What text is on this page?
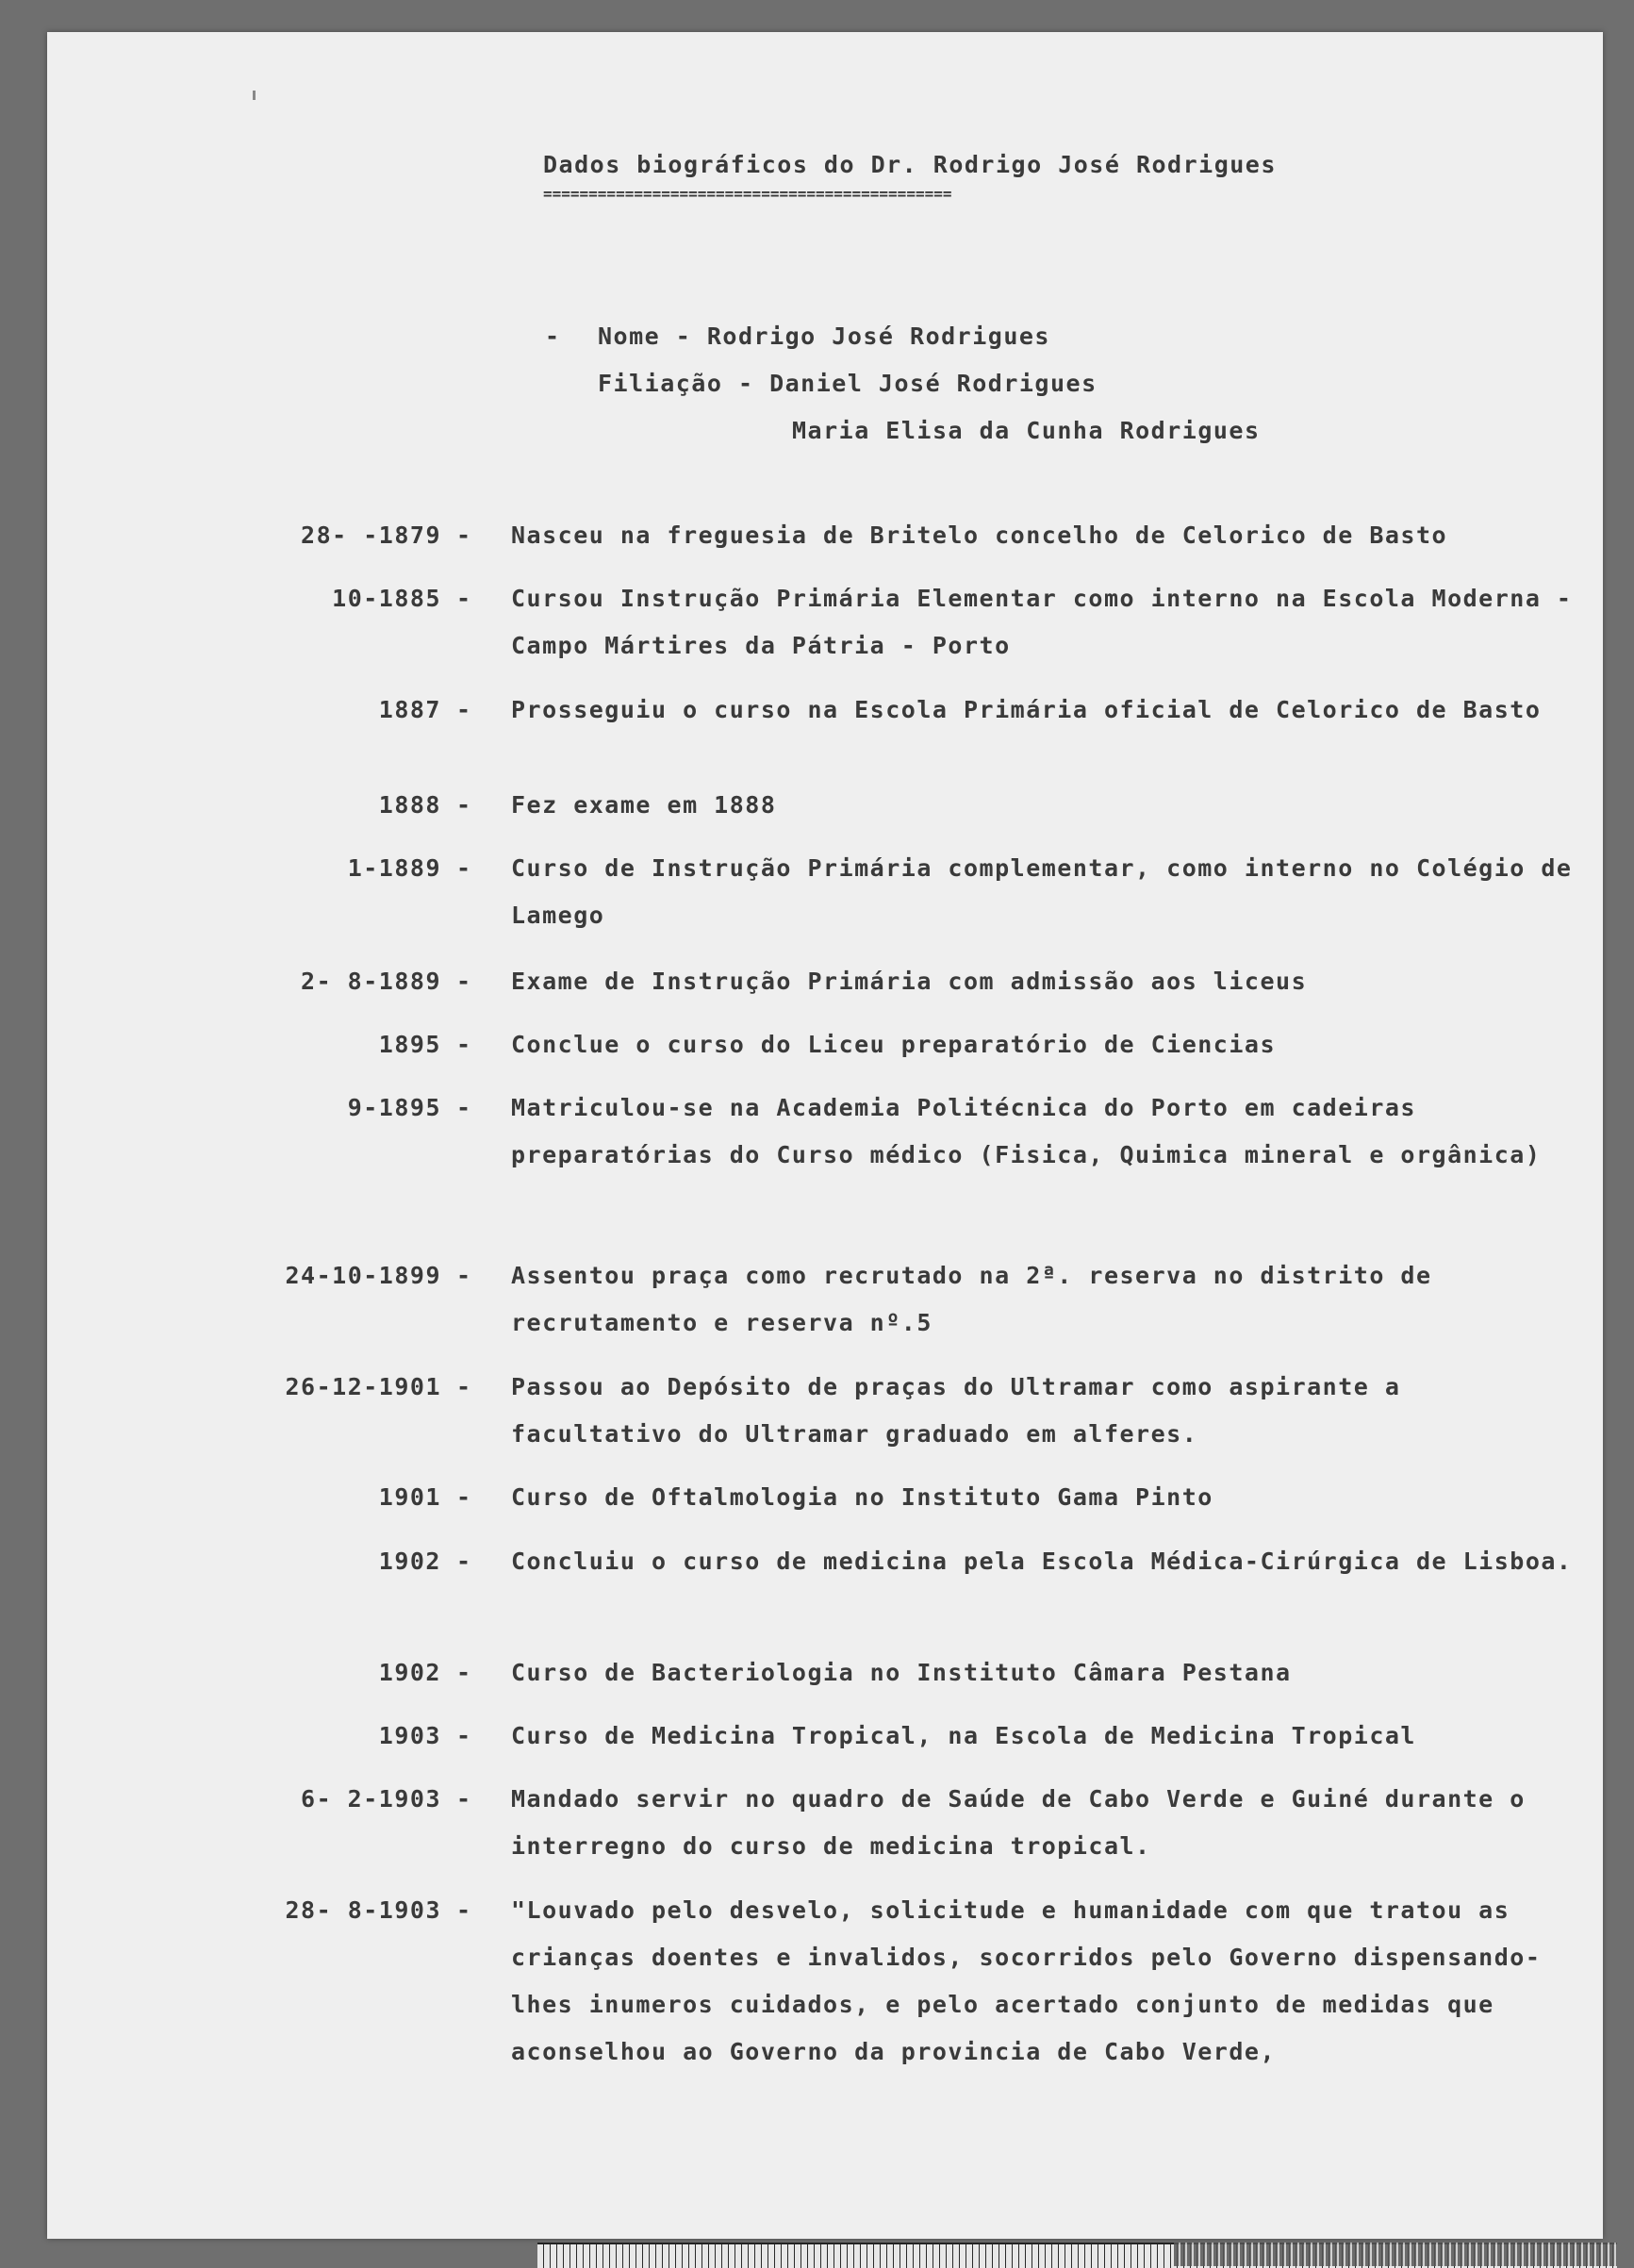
Dados biográficos do Dr. Rodrigo José Rodrigues
=============================================
- Nome - Rodrigo José Rodrigues
Filiação - Daniel José Rodrigues
Maria Elisa da Cunha Rodrigues
28- -1879 - Nasceu na freguesia de Britelo concelho de Celorico de Basto
10-1885 - Cursou Instrução Primária Elementar como interno na Escola Moderna - Campo Mártires da Pátria - Porto
1887 - Prosseguiu o curso na Escola Primária oficial de Celorico de Basto
1888 - Fez exame em 1888
1-1889 - Curso de Instrução Primária complementar, como interno no Colégio de Lamego
2- 8-1889 - Exame de Instrução Primária com admissão aos liceus
1895 - Conclue o curso do Liceu preparatório de Ciencias
9-1895 - Matriculou-se na Academia Politécnica do Porto em cadeiras preparatórias do Curso médico (Fisica, Quimica mineral e orgânica)
24-10-1899 - Assentou praça como recrutado na 2ª. reserva no distrito de recrutamento e reserva nº.5
26-12-1901 - Passou ao Depósito de praças do Ultramar como aspirante a facultativo do Ultramar graduado em alferes.
1901 - Curso de Oftalmologia no Instituto Gama Pinto
1902 - Concluiu o curso de medicina pela Escola Médica-Cirúrgica de Lisboa.
1902 - Curso de Bacteriologia no Instituto Câmara Pestana
1903 - Curso de Medicina Tropical, na Escola de Medicina Tropical
6- 2-1903 - Mandado servir no quadro de Saúde de Cabo Verde e Guiné durante o interregno do curso de medicina tropical.
28- 8-1903 - "Louvado pelo desvelo, solicitude e humanidade com que tratou as crianças doentes e invalidos, socorridos pelo Governo dispensando-lhes inumeros cuidados, e pelo acertado conjunto de medidas que aconselhou ao Governo da provincia de Cabo Verde,
